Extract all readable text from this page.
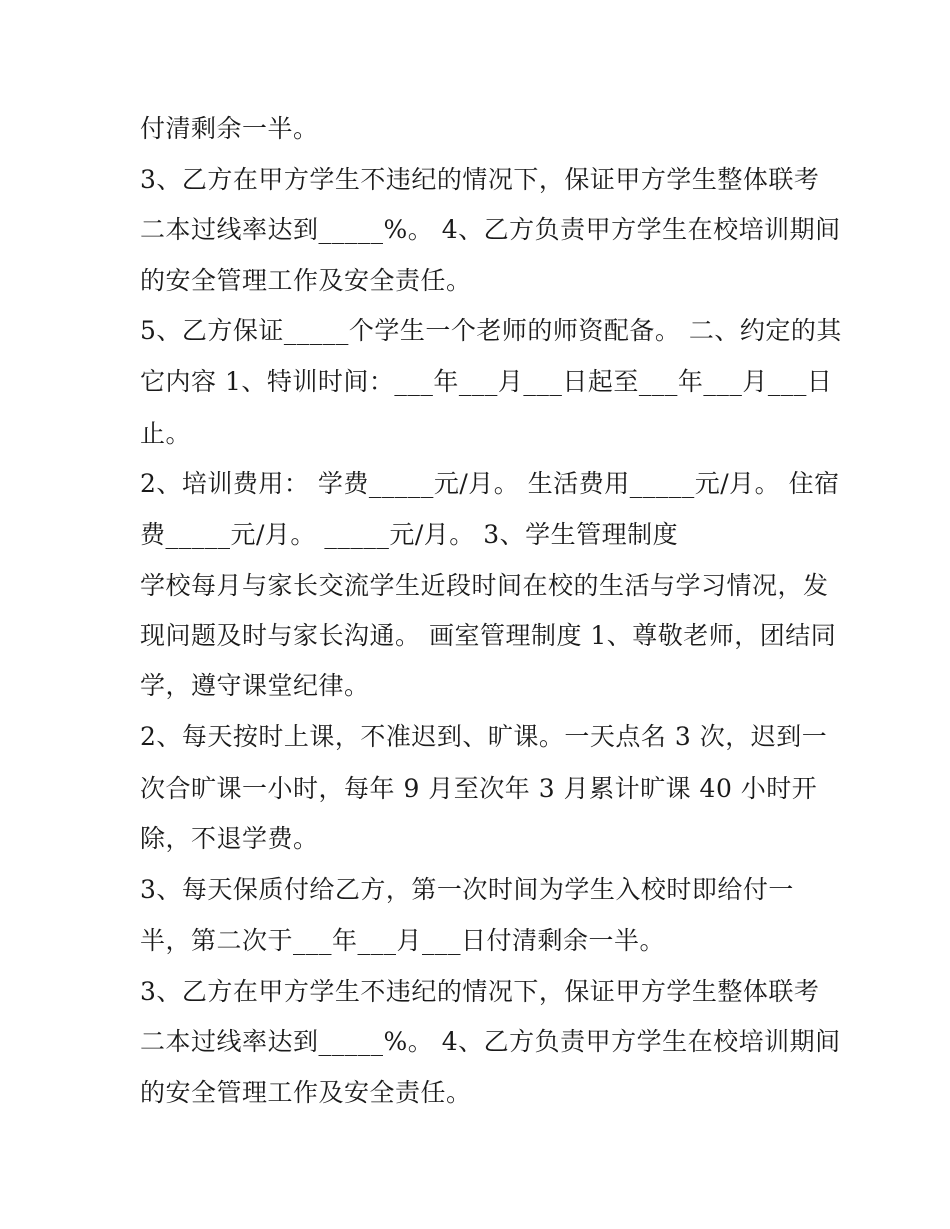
付清剩余一半。
3、乙方在甲方学生不违纪的情况下，保证甲方学生整体联考
二本过线率达到_____%。 4、乙方负责甲方学生在校培训期间
的安全管理工作及安全责任。
5、乙方保证_____个学生一个老师的师资配备。 二、约定的其
它内容 1、特训时间：___年___月___日起至___年___月___日
止。
2、培训费用： 学费_____元/月。 生活费用_____元/月。 住宿
费_____元/月。 _____元/月。 3、学生管理制度
学校每月与家长交流学生近段时间在校的生活与学习情况，发
现问题及时与家长沟通。 画室管理制度 1、尊敬老师，团结同
学，遵守课堂纪律。
2、每天按时上课，不准迟到、旷课。一天点名 3 次，迟到一
次合旷课一小时，每年 9 月至次年 3 月累计旷课 40 小时开
除，不退学费。
3、每天保质付给乙方，第一次时间为学生入校时即给付一
半，第二次于___年___月___日付清剩余一半。
3、乙方在甲方学生不违纪的情况下，保证甲方学生整体联考
二本过线率达到_____%。 4、乙方负责甲方学生在校培训期间
的安全管理工作及安全责任。
